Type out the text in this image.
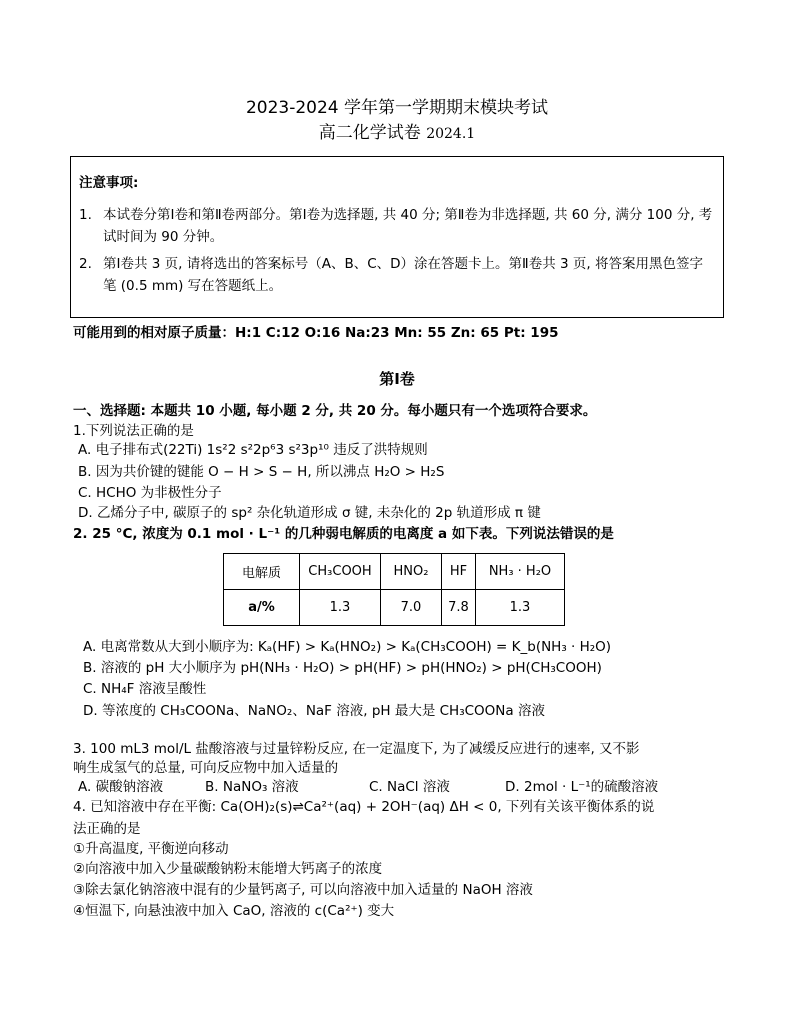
2023-2024 学年第一学期期末模块考试
高二化学试卷 2024.1
注意事项:
1. 本试卷分第Ⅰ卷和第Ⅱ卷两部分。第Ⅰ卷为选择题, 共 40 分; 第Ⅱ卷为非选择题, 共 60 分, 满分 100 分, 考试时间为 90 分钟。
2. 第Ⅰ卷共 3 页, 请将选出的答案标号（A、B、C、D）涂在答题卡上。第Ⅱ卷共 3 页, 将答案用黑色签字笔 (0.5 mm) 写在答题纸上。
可能用到的相对原子质量：H:1 C:12 O:16 Na:23 Mn: 55 Zn: 65 Pt: 195
第Ⅰ卷
一、选择题: 本题共 10 小题, 每小题 2 分, 共 20 分。每小题只有一个选项符合要求。
1.下列说法正确的是
A. 电子排布式(22Ti) 1s²2 s²2p⁶3 s²3p¹⁰ 违反了洪特规则
B. 因为共价键的键能 O − H > S − H, 所以沸点 H₂O > H₂S
C. HCHO 为非极性分子
D. 乙烯分子中, 碳原子的 sp² 杂化轨道形成 σ 键, 未杂化的 2p 轨道形成 π 键
2. 25 °C, 浓度为 0.1 mol · L⁻¹ 的几种弱电解质的电离度 a 如下表。下列说法错误的是
电解质	CH₃COOH	HNO₂	HF	NH₃ · H₂O
a/%	1.3	7.0	7.8	1.3
A. 电离常数从大到小顺序为: Kₐ(HF) > Kₐ(HNO₂) > Kₐ(CH₃COOH) = K_b(NH₃ · H₂O)
B. 溶液的 pH 大小顺序为 pH(NH₃ · H₂O) > pH(HF) > pH(HNO₂) > pH(CH₃COOH)
C. NH₄F 溶液呈酸性
D. 等浓度的 CH₃COONa、NaNO₂、NaF 溶液, pH 最大是 CH₃COONa 溶液
3. 100 mL3 mol/L 盐酸溶液与过量锌粉反应, 在一定温度下, 为了减缓反应进行的速率, 又不影
响生成氢气的总量, 可向反应物中加入适量的
A. 碳酸钠溶液	B. NaNO₃ 溶液	C. NaCl 溶液	D. 2mol · L⁻¹的硫酸溶液
4. 已知溶液中存在平衡: Ca(OH)₂(s)⇌Ca²⁺(aq) + 2OH⁻(aq) ΔH < 0, 下列有关该平衡体系的说
法正确的是
①升高温度, 平衡逆向移动
②向溶液中加入少量碳酸钠粉末能增大钙离子的浓度
③除去氯化钠溶液中混有的少量钙离子, 可以向溶液中加入适量的 NaOH 溶液
④恒温下, 向悬浊液中加入 CaO, 溶液的 c(Ca²⁺) 变大
